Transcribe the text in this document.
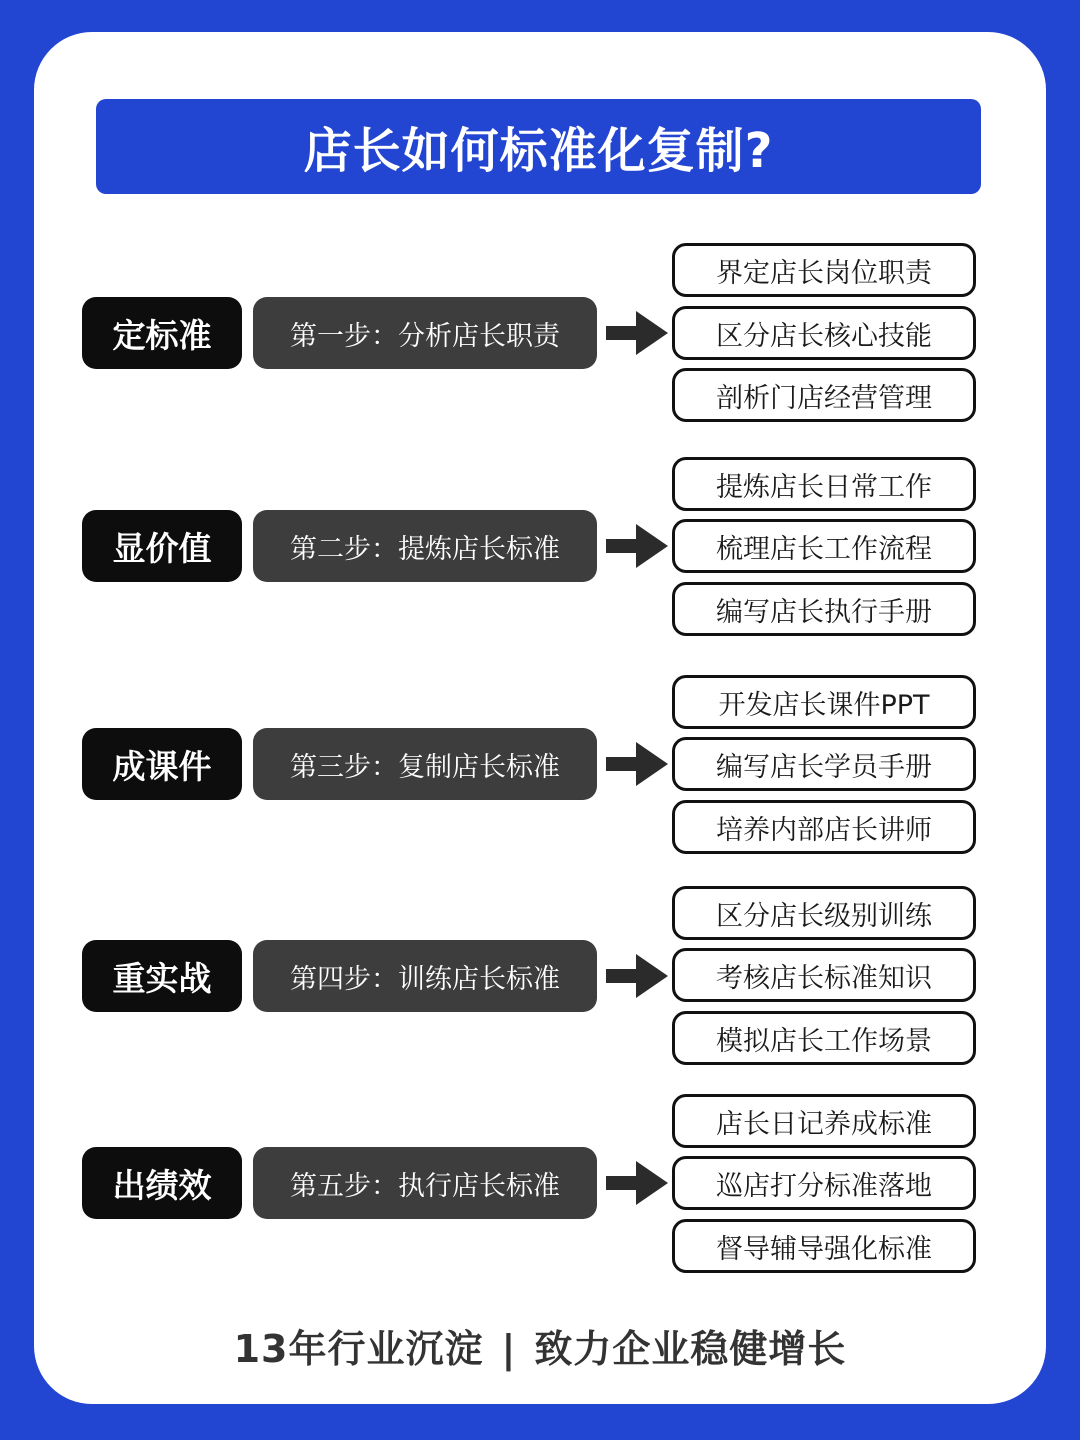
店长如何标准化复制?
定标准	第一步：分析店长职责
界定店长岗位职责
区分店长核心技能
剖析门店经营管理
显价值	第二步：提炼店长标准
提炼店长日常工作
梳理店长工作流程
编写店长执行手册
成课件	第三步：复制店长标准
开发店长课件PPT
编写店长学员手册
培养内部店长讲师
重实战	第四步：训练店长标准
区分店长级别训练
考核店长标准知识
模拟店长工作场景
出绩效	第五步：执行店长标准
店长日记养成标准
巡店打分标准落地
督导辅导强化标准
13年行业沉淀 | 致力企业稳健增长
